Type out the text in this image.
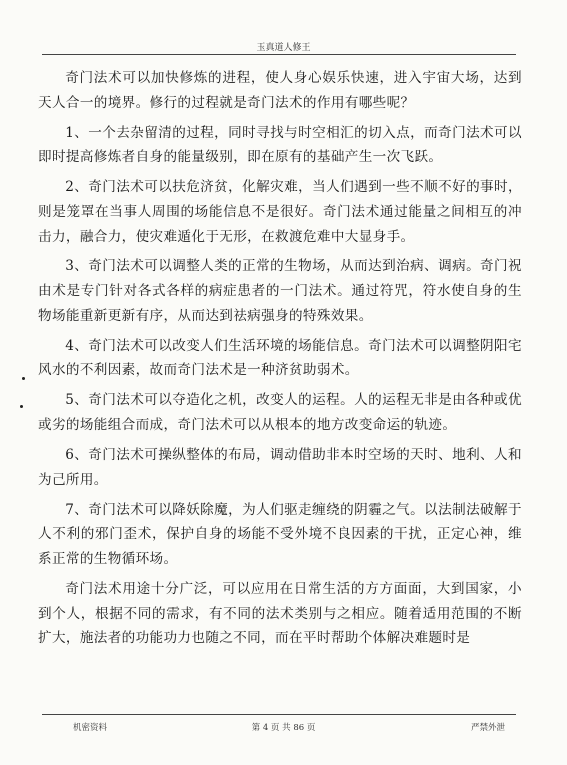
玉真道人修王

奇门法术可以加快修炼的进程，使人身心娱乐快速，进入宇宙大场，达到天人合一的境界。修行的过程就是奇门法术的作用有哪些呢？

1、一个去杂留清的过程，同时寻找与时空相汇的切入点，而奇门法术可以即时提高修炼者自身的能量级别，即在原有的基础产生一次飞跃。

2、奇门法术可以扶危济贫，化解灾难，当人们遇到一些不顺不好的事时，则是笼罩在当事人周围的场能信息不是很好。奇门法术通过能量之间相互的冲击力，融合力，使灾难遁化于无形，在救渡危难中大显身手。

3、奇门法术可以调整人类的正常的生物场，从而达到治病、调病。奇门祝由术是专门针对各式各样的病症患者的一门法术。通过符咒，符水使自身的生物场能重新更新有序，从而达到祛病强身的特殊效果。

4、奇门法术可以改变人们生活环境的场能信息。奇门法术可以调整阴阳宅风水的不利因素，故而奇门法术是一种济贫助弱术。

5、奇门法术可以夺造化之机，改变人的运程。人的运程无非是由各种或优或劣的场能组合而成，奇门法术可以从根本的地方改变命运的轨迹。

6、奇门法术可操纵整体的布局，调动借助非本时空场的天时、地利、人和为己所用。

7、奇门法术可以降妖除魔，为人们驱走缠绕的阴霾之气。以法制法破解于人不利的邪门歪术，保护自身的场能不受外境不良因素的干扰，正定心神，维系正常的生物循环场。

奇门法术用途十分广泛，可以应用在日常生活的方方面面，大到国家，小到个人，根据不同的需求，有不同的法术类别与之相应。随着适用范围的不断扩大，施法者的功能功力也随之不同，而在平时帮助个体解决难题时是

机密资料	第 4 页 共 86 页	严禁外泄
